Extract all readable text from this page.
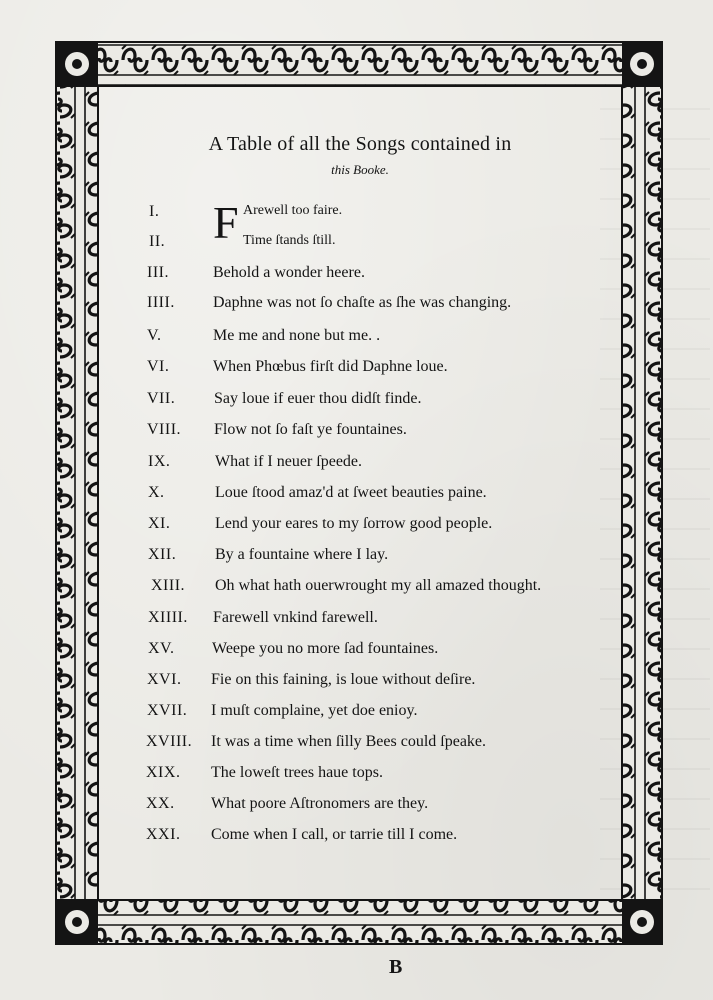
A Table of all the Songs contained in
this Booke.
F
I.	Arewell too faire.
II.	Time ſtands ſtill.
III.	Behold a wonder heere.
IIII. Daphne was not ſo chaſte as ſhe was changing.
V.	Me me and none but me. .
VI.	When Phœbus firſt did Daphne loue.
VII. Say loue if euer thou didſt finde.
VIII. Flow not ſo faſt ye fountaines.
IX.	What if I neuer ſpeede.
X.	Loue ſtood amaz'd at ſweet beauties paine.
XI.	Lend your eares to my ſorrow good people.
XII. By a fountaine where I lay.
XIII. Oh what hath ouerwrought my all amazed thought.
XIIII. Farewell vnkind farewell.
XV. Weepe you no more ſad fountaines.
XVI. Fie on this faining, is loue without deſire.
XVII. I muſt complaine, yet doe enioy.
XVIII. It was a time when ſilly Bees could ſpeake.
XIX. The loweſt trees haue tops.
XX. What poore Aſtronomers are they.
XXI. Come when I call, or tarrie till I come.
B
